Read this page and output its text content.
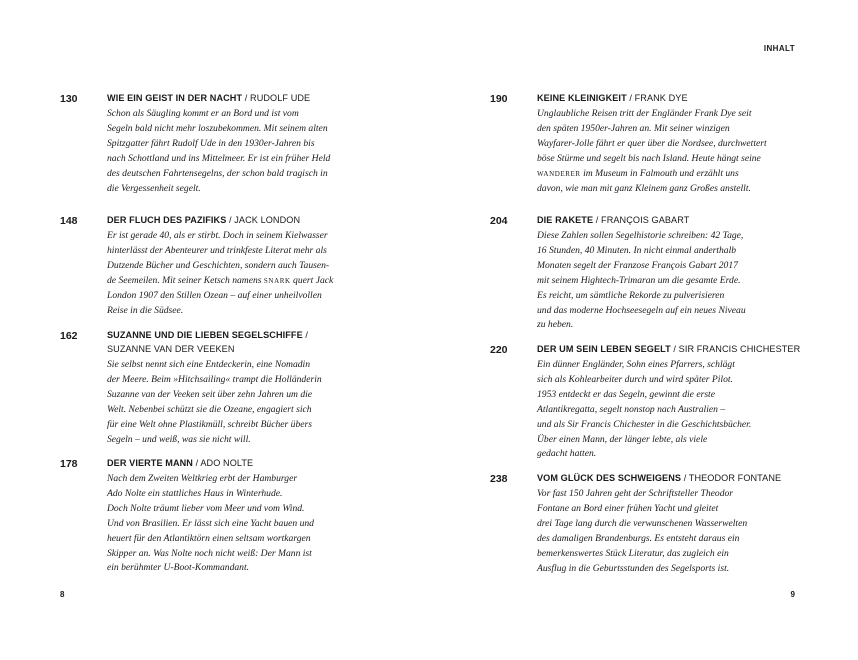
INHALT
130	WIE EIN GEIST IN DER NACHT / RUDOLF UDE
Schon als Säugling kommt er an Bord und ist vom
Segeln bald nicht mehr loszubekommen. Mit seinem alten
Spitzgatter fährt Rudolf Ude in den 1930er-Jahren bis
nach Schottland und ins Mittelmeer. Er ist ein früher Held
des deutschen Fahrtensegelns, der schon bald tragisch in
die Vergessenheit segelt.
148	DER FLUCH DES PAZIFIKS / JACK LONDON
Er ist gerade 40, als er stirbt. Doch in seinem Kielwasser
hinterlässt der Abenteurer und trinkfeste Literat mehr als
Dutzende Bücher und Geschichten, sondern auch Tausen-
de Seemeilen. Mit seiner Ketsch namens snark quert Jack
London 1907 den Stillen Ozean – auf einer unheilvollen
Reise in die Südsee.
162	SUZANNE UND DIE LIEBEN SEGELSCHIFFE /
SUZANNE VAN DER VEEKEN
Sie selbst nennt sich eine Entdeckerin, eine Nomadin
der Meere. Beim »Hitchsailing« trampt die Holländerin
Suzanne van der Veeken seit über zehn Jahren um die
Welt. Nebenbei schützt sie die Ozeane, engagiert sich
für eine Welt ohne Plastikmüll, schreibt Bücher übers
Segeln – und weiß, was sie nicht will.
178	DER VIERTE MANN / ADO NOLTE
Nach dem Zweiten Weltkrieg erbt der Hamburger
Ado Nolte ein stattliches Haus in Winterhude.
Doch Nolte träumt lieber vom Meer und vom Wind.
Und von Brasilien. Er lässt sich eine Yacht bauen und
heuert für den Atlantiktörn einen seltsam wortkargen
Skipper an. Was Nolte noch nicht weiß: Der Mann ist
ein berühmter U-Boot-Kommandant.
190	KEINE KLEINIGKEIT / FRANK DYE
Unglaubliche Reisen tritt der Engländer Frank Dye seit
den späten 1950er-Jahren an. Mit seiner winzigen
Wayfarer-Jolle fährt er quer über die Nordsee, durchwettert
böse Stürme und segelt bis nach Island. Heute hängt seine
wanderer im Museum in Falmouth und erzählt uns
davon, wie man mit ganz Kleinem ganz Großes anstellt.
204	DIE RAKETE / FRANÇOIS GABART
Diese Zahlen sollen Segelhistorie schreiben: 42 Tage,
16 Stunden, 40 Minuten. In nicht einmal anderthalb
Monaten segelt der Franzose François Gabart 2017
mit seinem Hightech-Trimaran um die gesamte Erde.
Es reicht, um sämtliche Rekorde zu pulverisieren
und das moderne Hochseesegeln auf ein neues Niveau
zu heben.
220	DER UM SEIN LEBEN SEGELT / SIR FRANCIS CHICHESTER
Ein dünner Engländer, Sohn eines Pfarrers, schlägt
sich als Kohlearbeiter durch und wird später Pilot.
1953 entdeckt er das Segeln, gewinnt die erste
Atlantikregatta, segelt nonstop nach Australien –
und als Sir Francis Chichester in die Geschichtsbücher.
Über einen Mann, der länger lebte, als viele
gedacht hatten.
238	VOM GLÜCK DES SCHWEIGENS / THEODOR FONTANE
Vor fast 150 Jahren geht der Schriftsteller Theodor
Fontane an Bord einer frühen Yacht und gleitet
drei Tage lang durch die verwunschenen Wasserwelten
des damaligen Brandenburgs. Es entsteht daraus ein
bemerkenswertes Stück Literatur, das zugleich ein
Ausflug in die Geburtsstunden des Segelsports ist.
8	9
